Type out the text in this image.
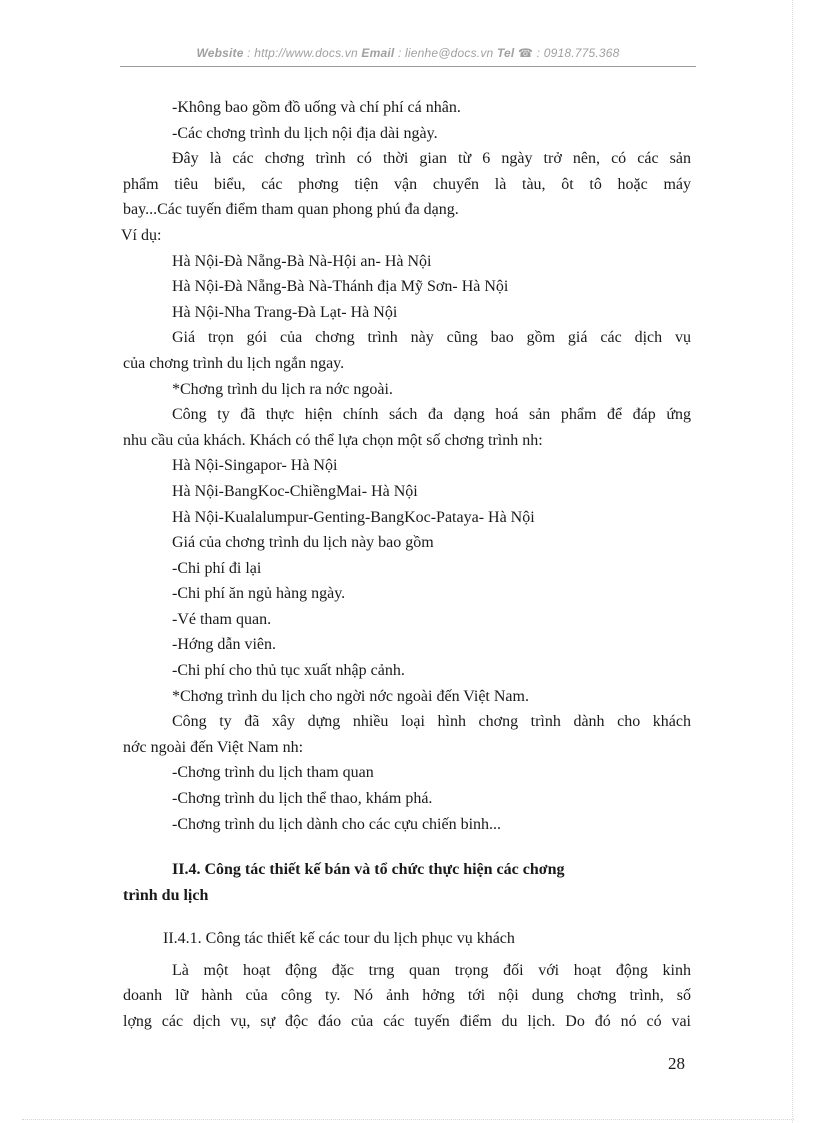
Website : http://www.docs.vn Email : lienhe@docs.vn Tel ☎ : 0918.775.368

-Không bao gồm đồ uống và chí phí cá nhân.

-Các chơng trình du lịch nội địa dài ngày.

Đây là các chơng trình có thời gian từ 6 ngày trở nên, có các sản

phẩm tiêu biểu, các phơng tiện vận chuyển là tàu, ôt tô hoặc máy

bay...Các tuyến điểm tham quan phong phú đa dạng.

Ví dụ:

Hà Nội-Đà Nẵng-Bà Nà-Hội an- Hà Nội

Hà Nội-Đà Nẵng-Bà Nà-Thánh địa Mỹ Sơn- Hà Nội

Hà Nội-Nha Trang-Đà Lạt- Hà Nội

Giá trọn gói của chơng trình này cũng bao gồm giá các dịch vụ

của chơng trình du lịch ngắn ngay.

*Chơng trình du lịch ra nớc ngoài.

Công ty đã thực hiện chính sách đa dạng hoá sản phẩm để đáp ứng

nhu cầu của khách. Khách có thể lựa chọn một số chơng trình nh:

Hà Nội-Singapor- Hà Nội

Hà Nội-BangKoc-ChiềngMai- Hà Nội

Hà Nội-Kualalumpur-Genting-BangKoc-Pataya- Hà Nội

Giá của chơng trình du lịch này bao gồm

-Chi phí đi lại

-Chi phí ăn ngủ hàng ngày.

-Vé tham quan.

-Hớng dẫn viên.

-Chi phí cho thủ tục xuất nhập cảnh.

*Chơng trình du lịch cho ngời nớc ngoài đến Việt Nam.

Công ty đã xây dựng nhiều loại hình chơng trình dành cho khách

nớc ngoài đến Việt Nam nh:

-Chơng trình du lịch tham quan

-Chơng trình du lịch thể thao, khám phá.

-Chơng trình du lịch dành cho các cựu chiến binh...

II.4. Công tác thiết kế bán và tổ chức thực hiện các chơng

trình du lịch

II.4.1. Công tác thiết kế các tour du lịch phục vụ khách

Là một hoạt động đặc trng quan trọng đối với hoạt động kinh

doanh lữ hành của công ty. Nó ảnh hởng tới nội dung chơng trình, số

lợng các dịch vụ, sự độc đáo của các tuyến điểm du lịch. Do đó nó có vai

28
